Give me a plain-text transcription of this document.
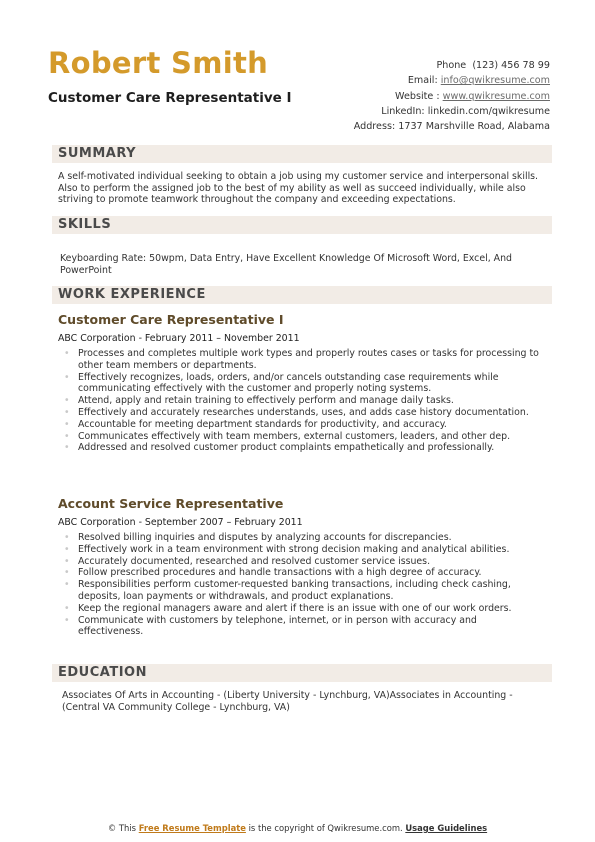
Robert Smith
Customer Care Representative I
Phone (123) 456 78 99
Email: info@qwikresume.com
Website : www.qwikresume.com
LinkedIn: linkedin.com/qwikresume
Address: 1737 Marshville Road, Alabama
SUMMARY
A self-motivated individual seeking to obtain a job using my customer service and interpersonal skills. Also to perform the assigned job to the best of my ability as well as succeed individually, while also striving to promote teamwork throughout the company and exceeding expectations.
SKILLS
Keyboarding Rate: 50wpm, Data Entry, Have Excellent Knowledge Of Microsoft Word, Excel, And PowerPoint
WORK EXPERIENCE
Customer Care Representative I
ABC Corporation - February 2011 – November 2011
• Processes and completes multiple work types and properly routes cases or tasks for processing to other team members or departments.
• Effectively recognizes, loads, orders, and/or cancels outstanding case requirements while communicating effectively with the customer and properly noting systems.
• Attend, apply and retain training to effectively perform and manage daily tasks.
• Effectively and accurately researches understands, uses, and adds case history documentation.
• Accountable for meeting department standards for productivity, and accuracy.
• Communicates effectively with team members, external customers, leaders, and other dep.
• Addressed and resolved customer product complaints empathetically and professionally.
Account Service Representative
ABC Corporation - September 2007 – February 2011
• Resolved billing inquiries and disputes by analyzing accounts for discrepancies.
• Effectively work in a team environment with strong decision making and analytical abilities.
• Accurately documented, researched and resolved customer service issues.
• Follow prescribed procedures and handle transactions with a high degree of accuracy.
• Responsibilities perform customer-requested banking transactions, including check cashing, deposits, loan payments or withdrawals, and product explanations.
• Keep the regional managers aware and alert if there is an issue with one of our work orders.
• Communicate with customers by telephone, internet, or in person with accuracy and effectiveness.
EDUCATION
Associates Of Arts in Accounting - (Liberty University - Lynchburg, VA)Associates in Accounting - (Central VA Community College - Lynchburg, VA)
© This Free Resume Template is the copyright of Qwikresume.com. Usage Guidelines
